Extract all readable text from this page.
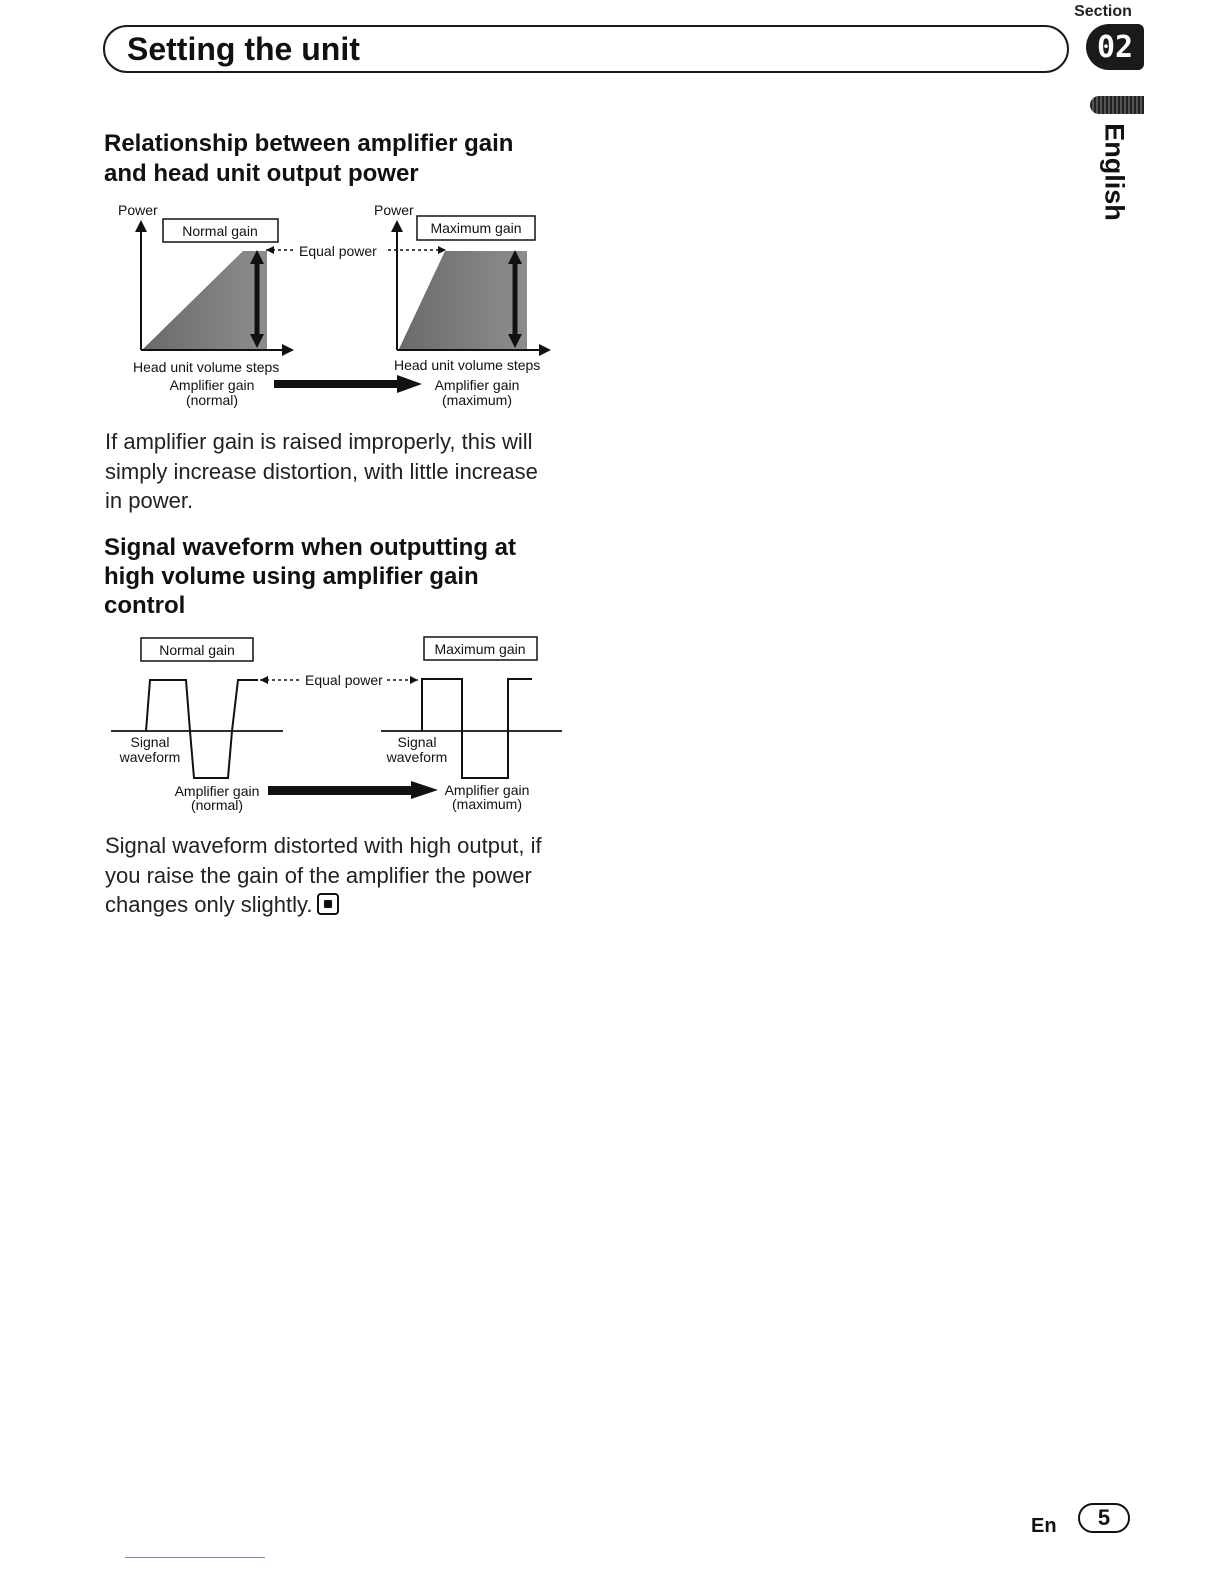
Section
02
Setting the unit
English
Relationship between amplifier gain
and head unit output power
Power
Normal gain
Head unit volume steps
Equal power
Power
Maximum gain
Head unit volume steps
Amplifier gain
(normal)
Amplifier gain
(maximum)

If amplifier gain is raised improperly, this will
simply increase distortion, with little increase
in power.

Signal waveform when outputting at
high volume using amplifier gain
control
Normal gain	Maximum gain
Signal
waveform
Equal power
Signal
waveform
Amplifier gain
(normal)
Amplifier gain
(maximum)

Signal waveform distorted with high output, if
you raise the gain of the amplifier the power
changes only slightly.

En	5
